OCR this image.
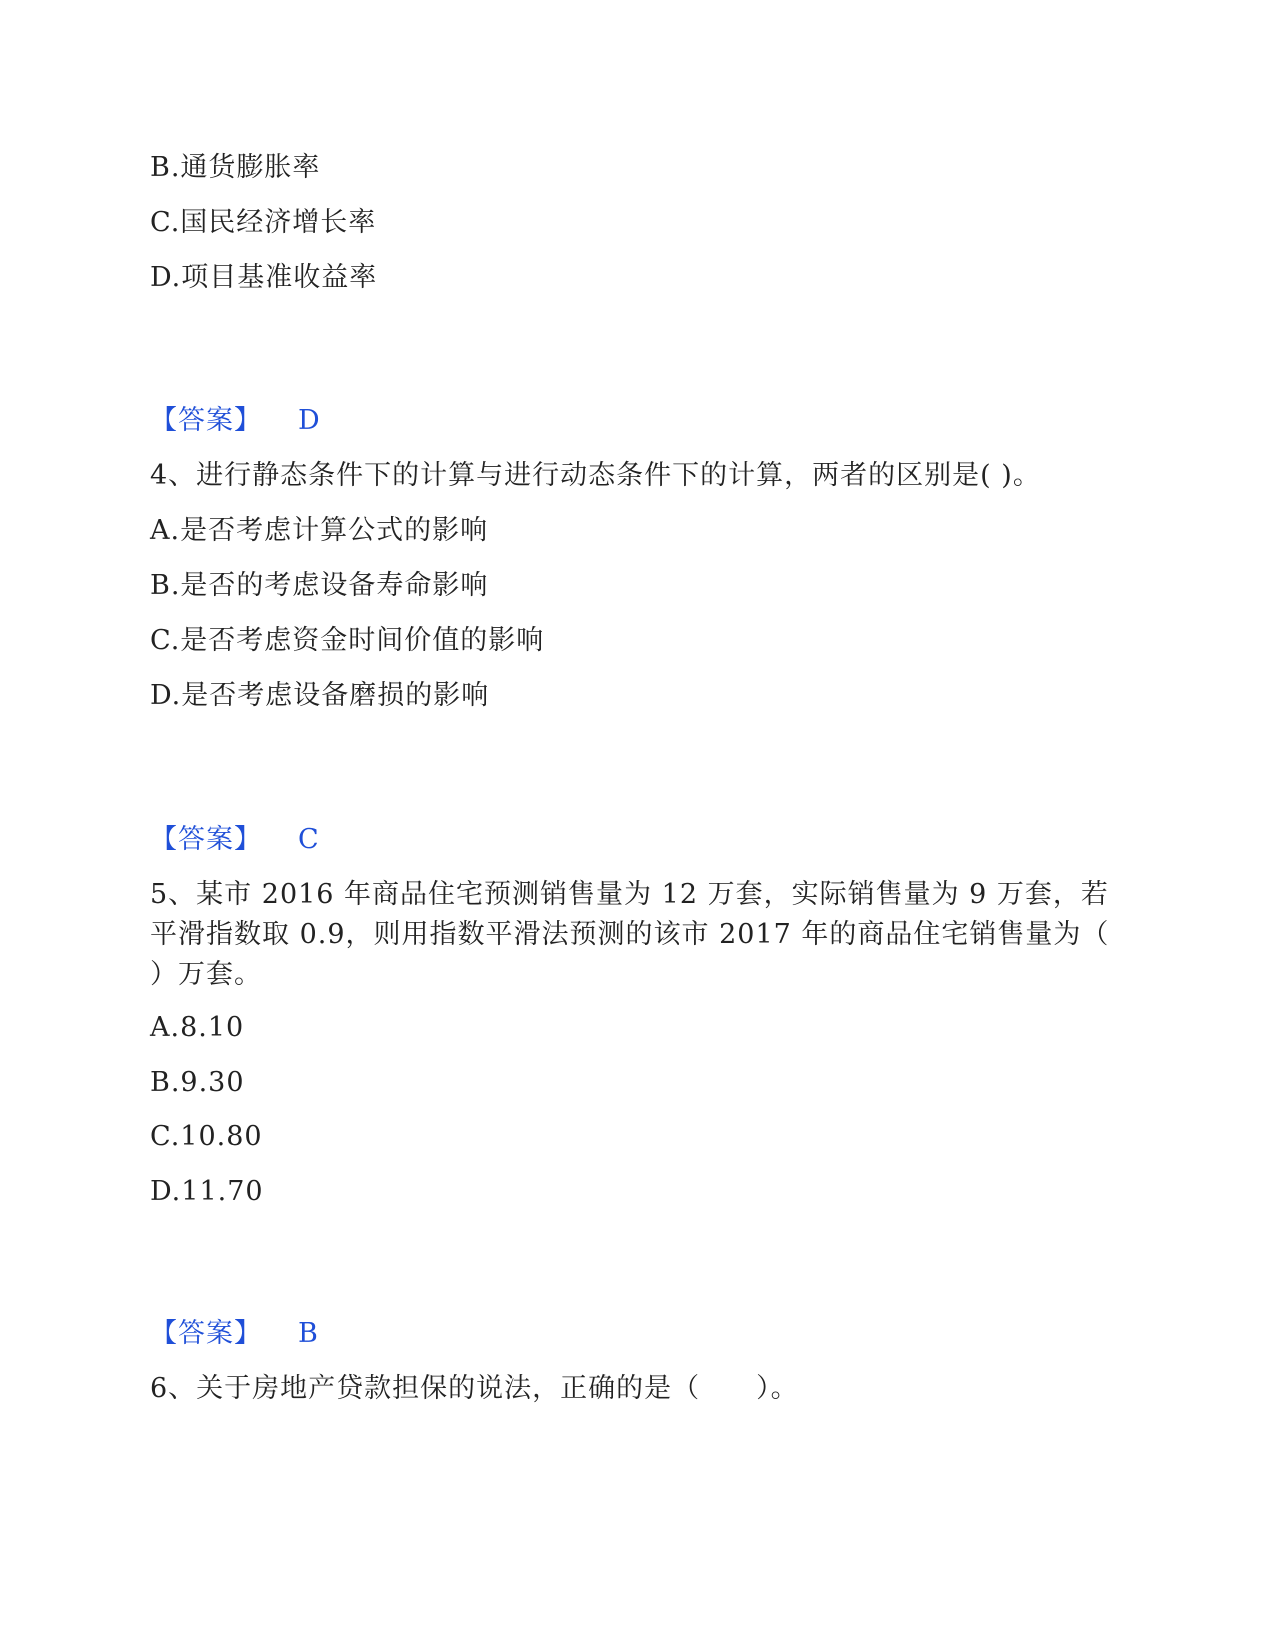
B.通货膨胀率
C.国民经济增长率
D.项目基准收益率
【答案】 D
4、进行静态条件下的计算与进行动态条件下的计算，两者的区别是( )。
A.是否考虑计算公式的影响
B.是否的考虑设备寿命影响
C.是否考虑资金时间价值的影响
D.是否考虑设备磨损的影响
【答案】 C
5、某市 2016 年商品住宅预测销售量为 12 万套，实际销售量为 9 万套，若
平滑指数取 0.9，则用指数平滑法预测的该市 2017 年的商品住宅销售量为（
）万套。
A.8.10
B.9.30
C.10.80
D.11.70
【答案】 B
6、关于房地产贷款担保的说法，正确的是（　　）。
